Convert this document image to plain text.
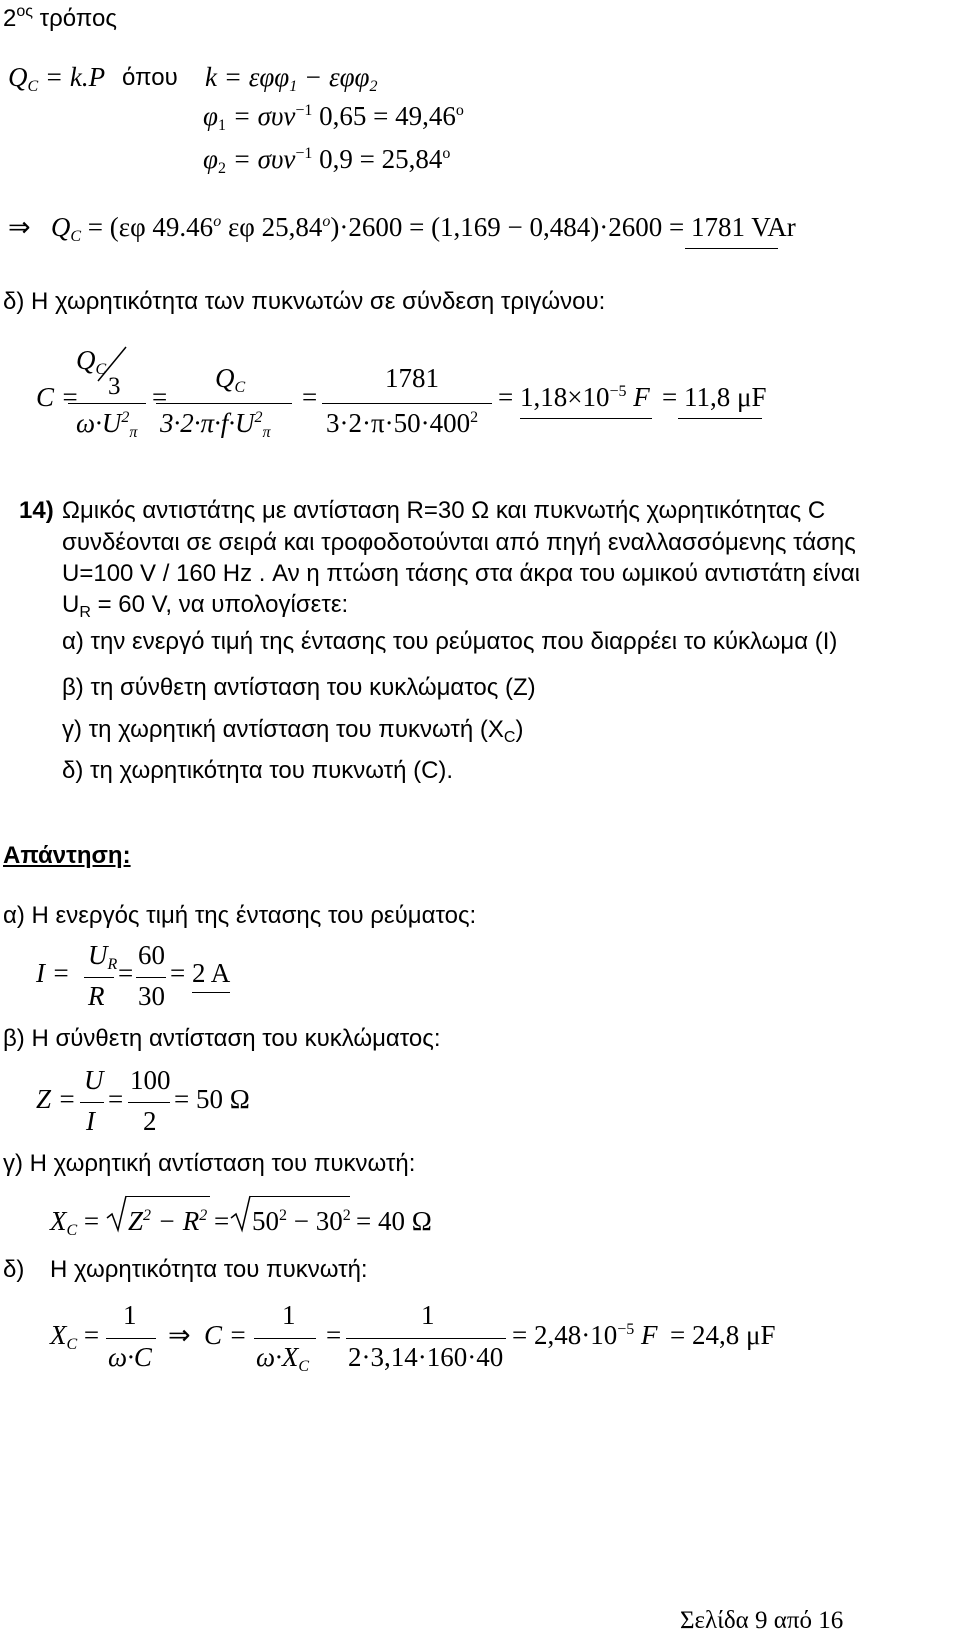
$2^{o\varsigma}$ τρόπος
$Q_C = k.P$ όπου k = εφφ$_1$ − εφφ$_2$
$\varphi_1 = \sigma\upsilon\nu^{-1}$ $0,65 = 49,46^o$
$\varphi_2 = \sigma\upsilon\nu^{-1}$ $0,9 = 25,84^o$
⇒ $Q_C = (\varepsilon\varphi$ 49.46$^o$ εφ $25,84^o)\cdot 2600 = (1,169 - 0,484)\cdot 2600 = 1781$ VAr
δ) Η χωρητικότητα των πυκνωτών σε σύνδεση τριγώνου:
C =
$Q_C$
3
$\omega\cdot U^2_\pi$
=
$Q_C$
$3\cdot 2\cdot\pi\cdot f\cdot U^2_\pi$
=
1781
$3\cdot 2\cdot\pi\cdot 50\cdot 400^2$
= $1,18\times 10^{-5}$ F = 11,8 μF
14) Ωμικός αντιστάτης με αντίσταση R=30 Ω και πυκνωτής χωρητικότητας C
συνδέονται σε σειρά και τροφοδοτούνται από πηγή εναλλασσόμενης τάσης
U=100 V / 160 Hz . Αν η πτώση τάσης στα άκρα του ωμικού αντιστάτη είναι
$U_R = 60$ V, να υπολογίσετε:
α) την ενεργό τιμή της έντασης του ρεύματος που διαρρέει το κύκλωμα (I)
β) τη σύνθετη αντίσταση του κυκλώματος (Z)
γ) τη χωρητική αντίσταση του πυκνωτή $(X_C)$
δ) τη χωρητικότητα του πυκνωτή (C).
Απάντηση:
α) Η ενεργός τιμή της έντασης του ρεύματος:
I =
$U_R$
R
=
60
30
= 2 A
β) Η σύνθετη αντίσταση του κυκλώματος:
Z =
U
I
=
100
2
= 50 Ω
γ) Η χωρητική αντίσταση του πυκνωτή:
$X_C = Z^2 - R^2 = 50^2 - 30^2 = 40$ Ω
δ) Η χωρητικότητα του πυκνωτή:
$X_C$ =
1
ω·C
⇒ C =
1
$\omega\cdot X_C$
=
1
2·3,14·160·40
= $2,48\cdot 10^{-5}$ F = 24,8 μF
Σελίδα 9 από 16
